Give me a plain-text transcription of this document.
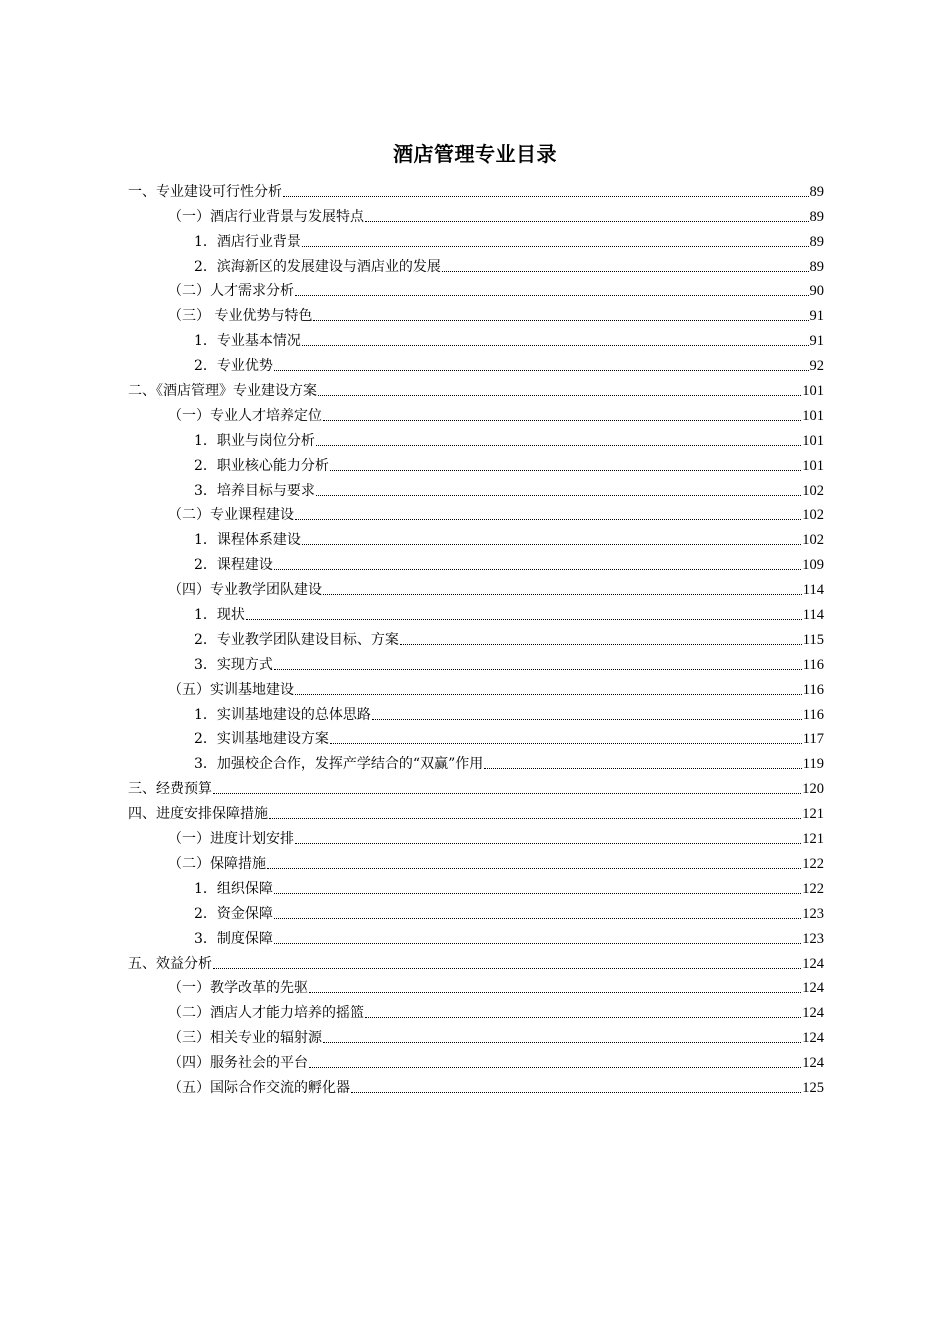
酒店管理专业目录
一、专业建设可行性分析	89
（一）酒店行业背景与发展特点	89
1．酒店行业背景	89
2．滨海新区的发展建设与酒店业的发展	89
（二）人才需求分析	90
（三） 专业优势与特色	91
1．专业基本情况	91
2．专业优势	92
二、《酒店管理》专业建设方案	101
（一）专业人才培养定位	101
1．职业与岗位分析	101
2．职业核心能力分析	101
3．培养目标与要求	102
（二）专业课程建设	102
1．课程体系建设	102
2．课程建设	109
（四）专业教学团队建设	114
1．现状	114
2．专业教学团队建设目标、方案	115
3．实现方式	116
（五）实训基地建设	116
1．实训基地建设的总体思路	116
2．实训基地建设方案	117
3．加强校企合作，发挥产学结合的“双赢”作用	119
三、经费预算	120
四、进度安排保障措施	121
（一）进度计划安排	121
（二）保障措施	122
1．组织保障	122
2．资金保障	123
3．制度保障	123
五、效益分析	124
（一）教学改革的先驱	124
（二）酒店人才能力培养的摇篮	124
（三）相关专业的辐射源	124
（四）服务社会的平台	124
（五）国际合作交流的孵化器	125
